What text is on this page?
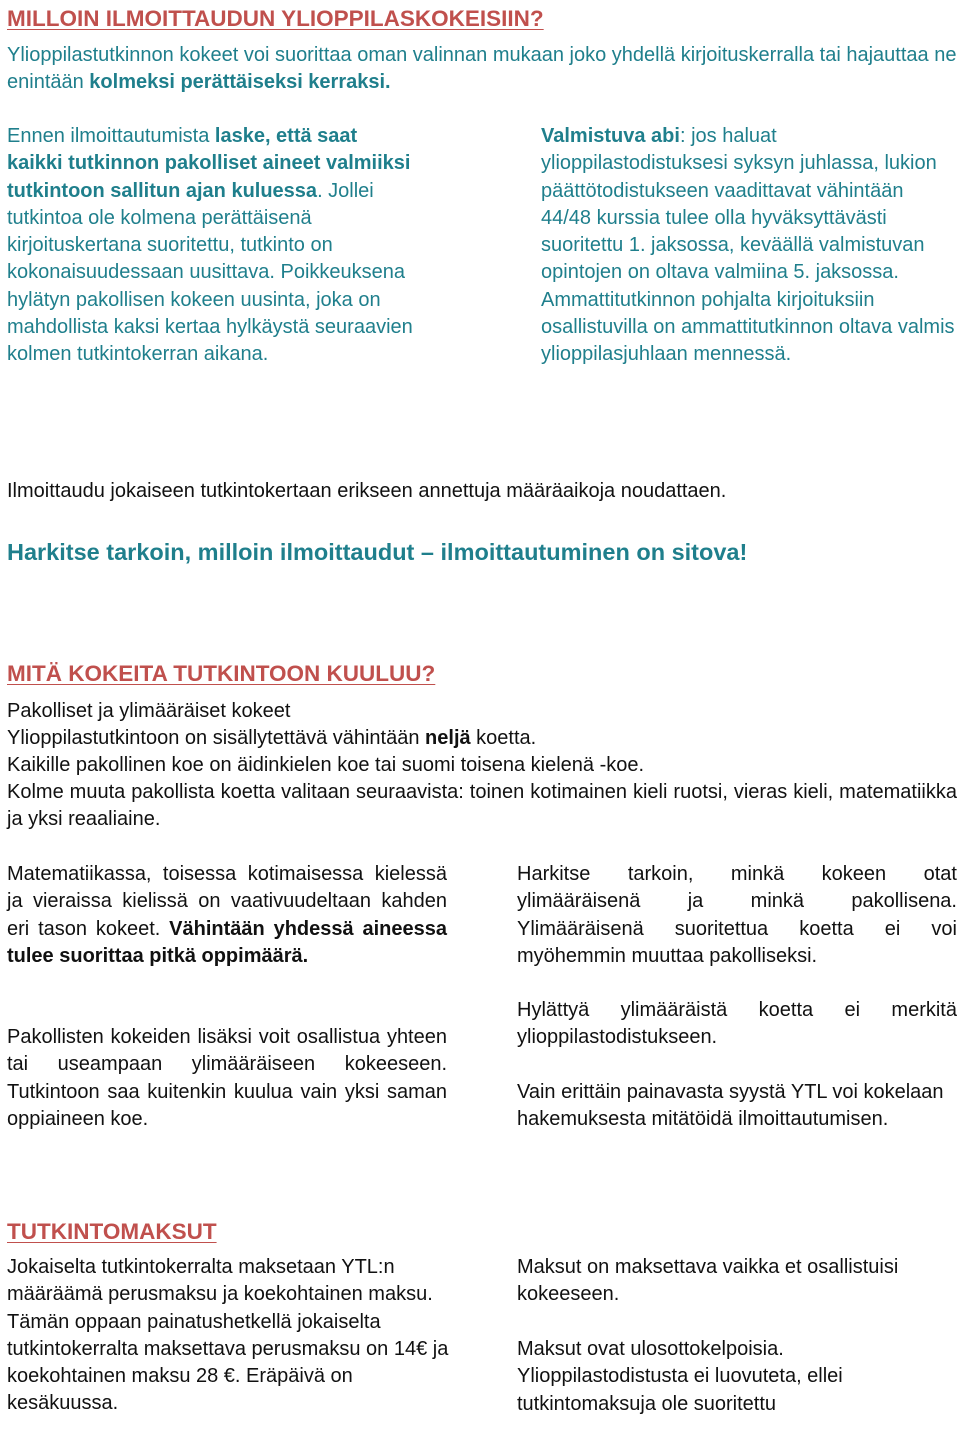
MILLOIN ILMOITTAUDUN YLIOPPILASKOKEISIIN?

Ylioppilastutkinnon kokeet voi suorittaa oman valinnan mukaan joko yhdellä kirjoituskerralla tai hajauttaa ne enintään kolmeksi perättäiseksi kerraksi.

Ennen ilmoittautumista laske, että saat kaikki tutkinnon pakolliset aineet valmiiksi tutkintoon sallitun ajan kuluessa. Jollei tutkintoa ole kolmena perättäisenä kirjoituskertana suoritettu, tutkinto on kokonaisuudessaan uusittava. Poikkeuksena hylätyn pakollisen kokeen uusinta, joka on mahdollista kaksi kertaa hylkäystä seuraavien kolmen tutkintokerran aikana.

Valmistuva abi: jos haluat ylioppilastodistuksesi syksyn juhlassa, lukion päättötodistukseen vaadittavat vähintään 44/48 kurssia tulee olla hyväksyttävästi suoritettu 1. jaksossa, keväällä valmistuvan opintojen on oltava valmiina 5. jaksossa. Ammattitutkinnon pohjalta kirjoituksiin osallistuvilla on ammattitutkinnon oltava valmis ylioppilasjuhlaan mennessä.

Ilmoittaudu jokaiseen tutkintokertaan erikseen annettuja määräaikoja noudattaen.

Harkitse tarkoin, milloin ilmoittaudut – ilmoittautuminen on sitova!

MITÄ KOKEITA TUTKINTOON KUULUU?

Pakolliset ja ylimääräiset kokeet

Ylioppilastutkintoon on sisällytettävä vähintään neljä koetta.

Kaikille pakollinen koe on äidinkielen koe tai suomi toisena kielenä -koe.

Kolme muuta pakollista koetta valitaan seuraavista: toinen kotimainen kieli ruotsi, vieras kieli, matematiikka ja yksi reaaliaine.

Matematiikassa, toisessa kotimaisessa kielessä ja vieraissa kielissä on vaativuudeltaan kahden eri tason kokeet. Vähintään yhdessä aineessa tulee suorittaa pitkä oppimäärä.

Pakollisten kokeiden lisäksi voit osallistua yhteen tai useampaan ylimääräiseen kokeeseen. Tutkintoon saa kuitenkin kuulua vain yksi saman oppiaineen koe.

Harkitse tarkoin, minkä kokeen otat ylimääräisenä ja minkä pakollisena. Ylimääräisenä suoritettua koetta ei voi myöhemmin muuttaa pakolliseksi.

Hylättyä ylimääräistä koetta ei merkitä ylioppilastodistukseen.

Vain erittäin painavasta syystä YTL voi kokelaan hakemuksesta mitätöidä ilmoittautumisen.

TUTKINTOMAKSUT

Jokaiselta tutkintokerralta maksetaan YTL:n määräämä perusmaksu ja koekohtainen maksu. Tämän oppaan painatushetkellä jokaiselta tutkintokerralta maksettava perusmaksu on 14€ ja koekohtainen maksu 28 €. Eräpäivä on kesäkuussa.

Maksut on maksettava vaikka et osallistuisi kokeeseen.

Maksut ovat ulosottokelpoisia. Ylioppilastodistusta ei luovuteta, ellei tutkintomaksuja ole suoritettu
